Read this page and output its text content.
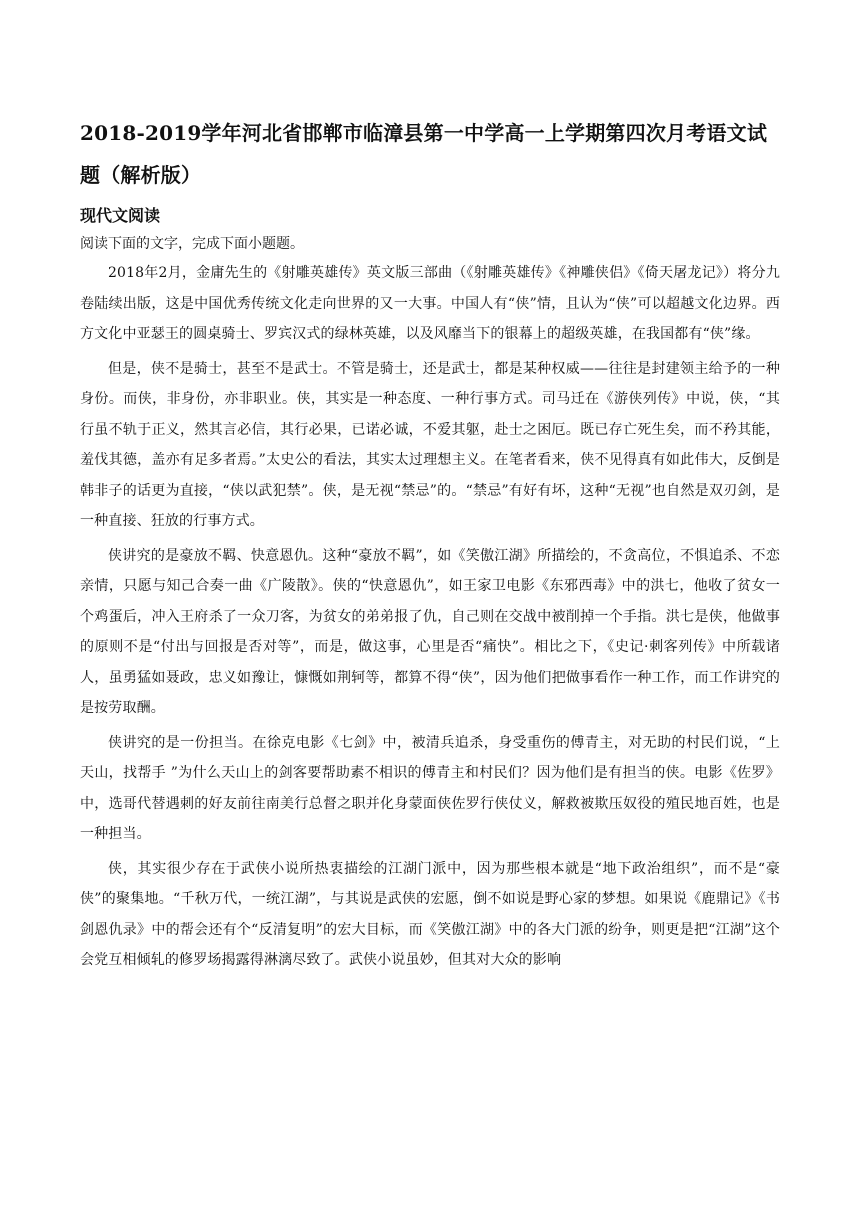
2018-2019学年河北省邯郸市临漳县第一中学高一上学期第四次月考语文试题（解析版）
现代文阅读
阅读下面的文字，完成下面小题题。

2018年2月，金庸先生的《射雕英雄传》英文版三部曲（《射雕英雄传》《神雕侠侣》《倚天屠龙记》）将分九卷陆续出版，这是中国优秀传统文化走向世界的又一大事。中国人有“侠”情，且认为“侠”可以超越文化边界。西方文化中亚瑟王的圆桌骑士、罗宾汉式的绿林英雄，以及风靡当下的银幕上的超级英雄，在我国都有“侠”缘。

但是，侠不是骑士，甚至不是武士。不管是骑士，还是武士，都是某种权威——往往是封建领主给予的一种身份。而侠，非身份，亦非职业。侠，其实是一种态度、一种行事方式。司马迁在《游侠列传》中说，侠，“其行虽不轨于正义，然其言必信，其行必果，已诺必诚，不爱其躯，赴士之困厄。既已存亡死生矣，而不矜其能，羞伐其德，盖亦有足多者焉。”太史公的看法，其实太过理想主义。在笔者看来，侠不见得真有如此伟大，反倒是韩非子的话更为直接，“侠以武犯禁”。侠，是无视“禁忌”的。“禁忌”有好有坏，这种“无视”也自然是双刃剑，是一种直接、狂放的行事方式。

侠讲究的是豪放不羁、快意恩仇。这种“豪放不羁”，如《笑傲江湖》所描绘的，不贪高位，不惧追杀、不恋亲情，只愿与知己合奏一曲《广陵散》。侠的“快意恩仇”，如王家卫电影《东邪西毒》中的洪七，他收了贫女一个鸡蛋后，冲入王府杀了一众刀客，为贫女的弟弟报了仇，自己则在交战中被削掉一个手指。洪七是侠，他做事的原则不是“付出与回报是否对等”，而是，做这事，心里是否“痛快”。相比之下，《史记·刺客列传》中所载诸人，虽勇猛如聂政，忠义如豫让，慷慨如荆轲等，都算不得“侠”，因为他们把做事看作一种工作，而工作讲究的是按劳取酬。

侠讲究的是一份担当。在徐克电影《七剑》中，被清兵追杀，身受重伤的傅青主，对无助的村民们说，“上天山，找帮手 ”为什么天山上的剑客要帮助素不相识的傅青主和村民们？因为他们是有担当的侠。电影《佐罗》中，选哥代替遇刺的好友前往南美行总督之职并化身蒙面侠佐罗行侠仗义，解救被欺压奴役的殖民地百姓，也是一种担当。

侠，其实很少存在于武侠小说所热衷描绘的江湖门派中，因为那些根本就是“地下政治组织”，而不是“豪侠”的聚集地。“千秋万代，一统江湖”，与其说是武侠的宏愿，倒不如说是野心家的梦想。如果说《鹿鼎记》《书剑恩仇录》中的帮会还有个“反清复明”的宏大目标，而《笑傲江湖》中的各大门派的纷争，则更是把“江湖”这个会党互相倾轧的修罗场揭露得淋漓尽致了。武侠小说虽妙，但其对大众的影响
